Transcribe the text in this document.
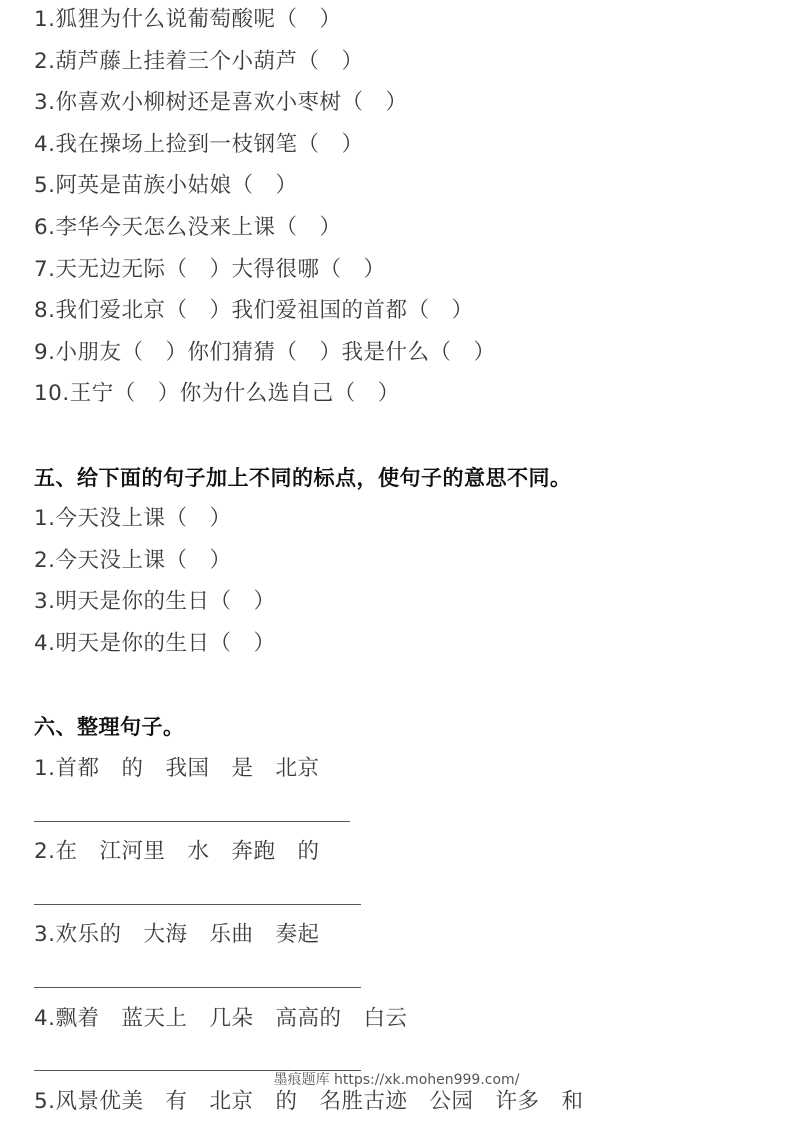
1.狐狸为什么说葡萄酸呢（　）
2.葫芦藤上挂着三个小葫芦（　）
3.你喜欢小柳树还是喜欢小枣树（　）
4.我在操场上捡到一枝钢笔（　）
5.阿英是苗族小姑娘（　）
6.李华今天怎么没来上课（　）
7.天无边无际（　）大得很哪（　）
8.我们爱北京（　）我们爱祖国的首都（　）
9.小朋友（　）你们猜猜（　）我是什么（　）
10.王宁（　）你为什么选自己（　）
五、给下面的句子加上不同的标点，使句子的意思不同。
1.今天没上课（　）
2.今天没上课（　）
3.明天是你的生日（　）
4.明天是你的生日（　）
六、整理句子。
1.首都　的　我国　是　北京
2.在　江河里　水　奔跑　的
3.欢乐的　大海　乐曲　奏起
4.飘着　蓝天上　几朵　高高的　白云
墨痕题库 https://xk.mohen999.com/
5.风景优美　有　北京　的　名胜古迹　公园　许多　和
